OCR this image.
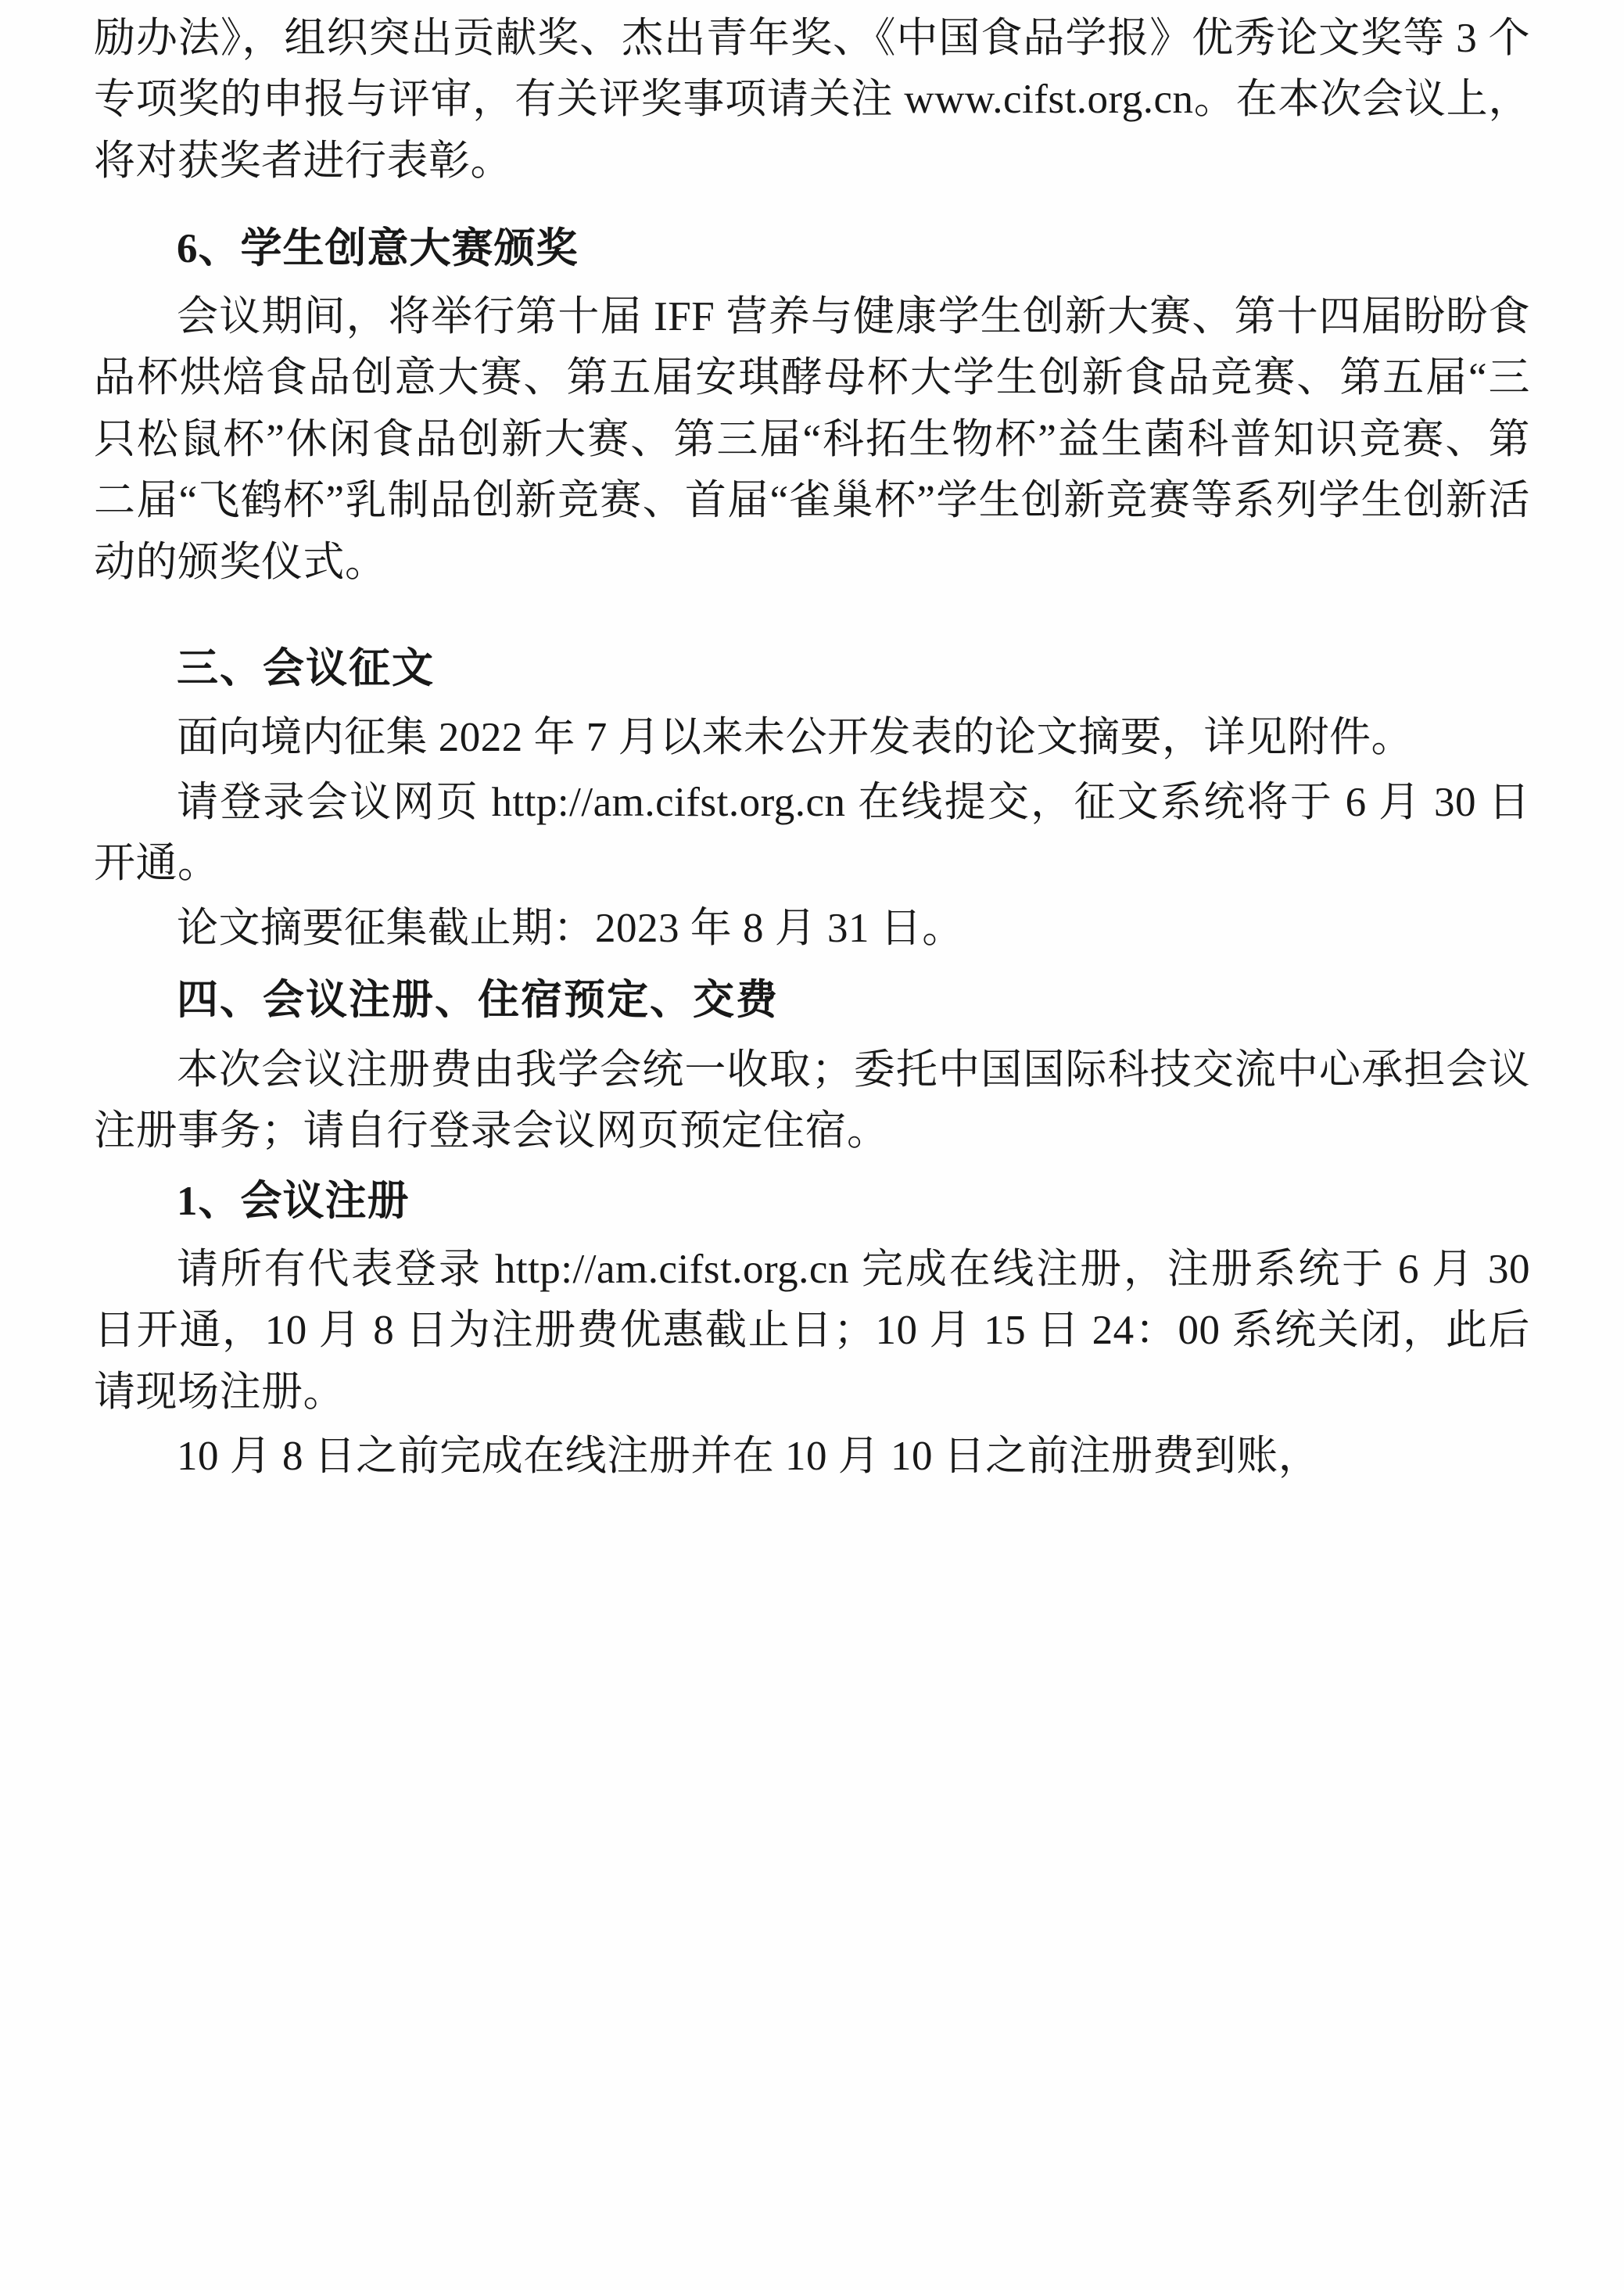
励办法》，组织突出贡献奖、杰出青年奖、《中国食品学报》优秀论文奖等 3 个专项奖的申报与评审，有关评奖事项请关注 www.cifst.org.cn。在本次会议上，将对获奖者进行表彰。

6、学生创意大赛颁奖

会议期间，将举行第十届 IFF 营养与健康学生创新大赛、第十四届盼盼食品杯烘焙食品创意大赛、第五届安琪酵母杯大学生创新食品竞赛、第五届“三只松鼠杯”休闲食品创新大赛、第三届“科拓生物杯”益生菌科普知识竞赛、第二届“飞鹤杯”乳制品创新竞赛、首届“雀巢杯”学生创新竞赛等系列学生创新活动的颁奖仪式。

三、会议征文

面向境内征集 2022 年 7 月以来未公开发表的论文摘要，详见附件。

请登录会议网页 http://am.cifst.org.cn 在线提交，征文系统将于 6 月 30 日开通。

论文摘要征集截止期：2023 年 8 月 31 日。

四、会议注册、住宿预定、交费

本次会议注册费由我学会统一收取；委托中国国际科技交流中心承担会议注册事务；请自行登录会议网页预定住宿。

1、会议注册

请所有代表登录 http://am.cifst.org.cn 完成在线注册，注册系统于 6 月 30 日开通，10 月 8 日为注册费优惠截止日；10 月 15 日 24：00 系统关闭，此后请现场注册。

10 月 8 日之前完成在线注册并在 10 月 10 日之前注册费到账，
